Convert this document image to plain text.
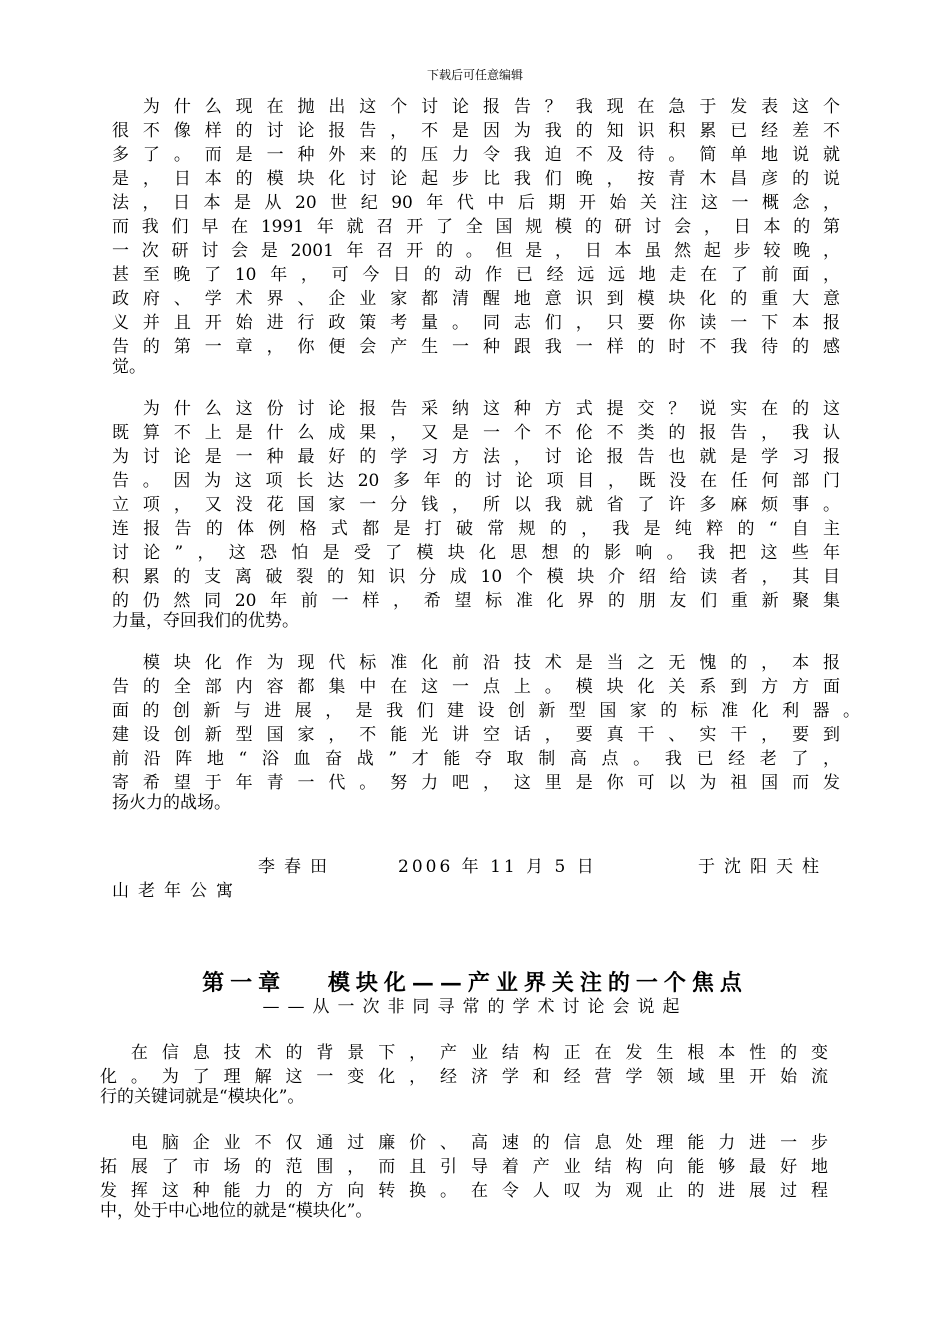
下载后可任意编辑
　为什么现在抛出这个讨论报告？我现在急于发表这个
很不像样的讨论报告，不是因为我的知识积累已经差不
多了。而是一种外来的压力令我迫不及待。简单地说就
是，日本的模块化讨论起步比我们晚，按青木昌彦的说
法，日本是从20世纪90年代中后期开始关注这一概念，
而我们早在1991年就召开了全国规模的研讨会，日本的第
一次研讨会是2001年召开的。但是，日本虽然起步较晚，
甚至晚了10年，可今日的动作已经远远地走在了前面，
政府、学术界、企业家都清醒地意识到模块化的重大意
义并且开始进行政策考量。同志们，只要你读一下本报
告的第一章，你便会产生一种跟我一样的时不我待的感
觉。
　为什么这份讨论报告采纳这种方式提交？说实在的这
既算不上是什么成果，又是一个不伦不类的报告，我认
为讨论是一种最好的学习方法，讨论报告也就是学习报
告。因为这项长达20多年的讨论项目，既没在任何部门
立项，又没花国家一分钱，所以我就省了许多麻烦事。
连报告的体例格式都是打破常规的，我是纯粹的“自主
讨论”，这恐怕是受了模块化思想的影响。我把这些年
积累的支离破裂的知识分成10个模块介绍给读者，其目
的仍然同20年前一样，希望标准化界的朋友们重新聚集
力量，夺回我们的优势。
　模块化作为现代标准化前沿技术是当之无愧的，本报
告的全部内容都集中在这一点上。模块化关系到方方面
面的创新与进展，是我们建设创新型国家的标准化利器。
建设创新型国家，不能光讲空话，要真干、实干，要到
前沿阵地“浴血奋战”才能夺取制高点。我已经老了，
寄希望于年青一代。努力吧，这里是你可以为祖国而发
扬火力的战场。
李春田	2006 年 11 月 5 日	于沈阳天柱
山老年公寓
第一章　 模块化——产业界关注的一个焦点
——从一次非同寻常的学术讨论会说起
　在信息技术的背景下，产业结构正在发生根本性的变
化。为了理解这一变化，经济学和经营学领域里开始流
行的关键词就是“模块化”。
　电脑企业不仅通过廉价、高速的信息处理能力进一步
拓展了市场的范围，而且引导着产业结构向能够最好地
发挥这种能力的方向转换。在令人叹为观止的进展过程
中，处于中心地位的就是“模块化”。
